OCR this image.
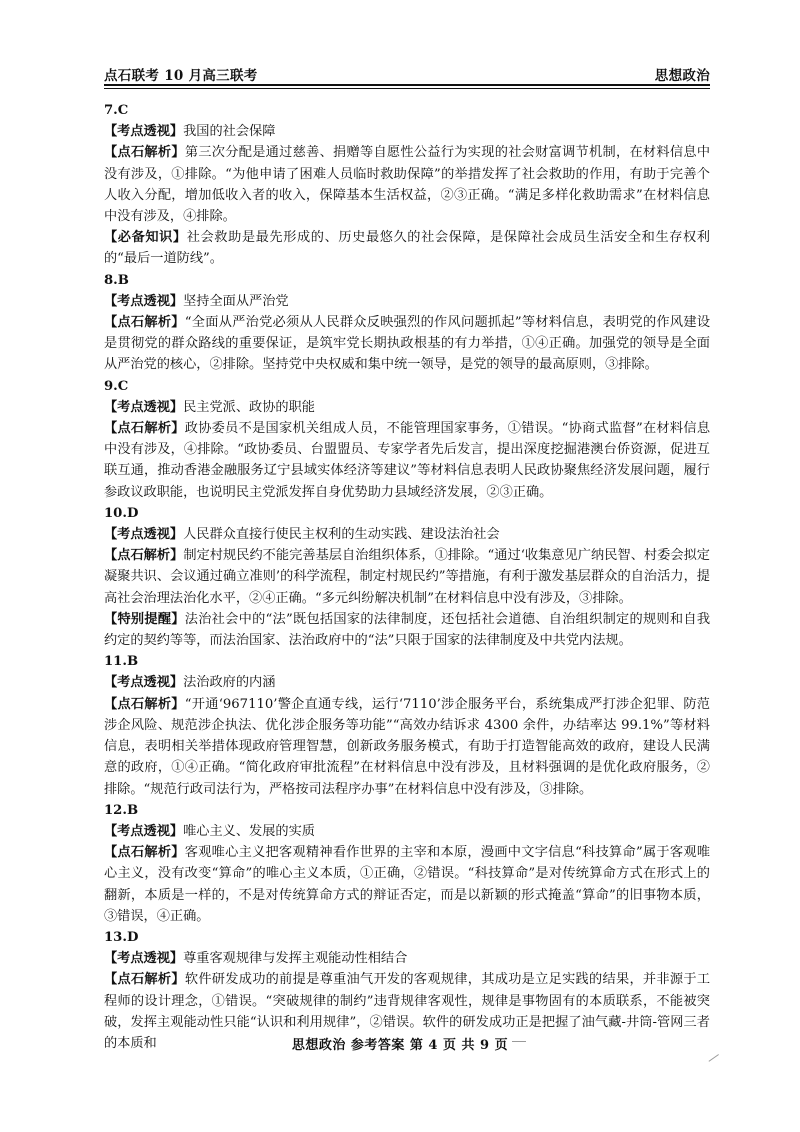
点石联考 10 月高三联考	思想政治

7.C

【考点透视】我国的社会保障

【点石解析】第三次分配是通过慈善、捐赠等自愿性公益行为实现的社会财富调节机制，在材料信息中没有涉及，①排除。“为他申请了困难人员临时救助保障”的举措发挥了社会救助的作用，有助于完善个人收入分配，增加低收入者的收入，保障基本生活权益，②③正确。“满足多样化救助需求”在材料信息中没有涉及，④排除。

【必备知识】社会救助是最先形成的、历史最悠久的社会保障，是保障社会成员生活安全和生存权利的“最后一道防线”。

8.B

【考点透视】坚持全面从严治党

【点石解析】“全面从严治党必须从人民群众反映强烈的作风问题抓起”等材料信息，表明党的作风建设是贯彻党的群众路线的重要保证，是筑牢党长期执政根基的有力举措，①④正确。加强党的领导是全面从严治党的核心，②排除。坚持党中央权威和集中统一领导，是党的领导的最高原则，③排除。

9.C

【考点透视】民主党派、政协的职能

【点石解析】政协委员不是国家机关组成人员，不能管理国家事务，①错误。“协商式监督”在材料信息中没有涉及，④排除。“政协委员、台盟盟员、专家学者先后发言，提出深度挖掘港澳台侨资源，促进互联互通，推动香港金融服务辽宁县域实体经济等建议”等材料信息表明人民政协聚焦经济发展问题，履行参政议政职能，也说明民主党派发挥自身优势助力县域经济发展，②③正确。

10.D

【考点透视】人民群众直接行使民主权利的生动实践、建设法治社会

【点石解析】制定村规民约不能完善基层自治组织体系，①排除。“通过‘收集意见广纳民智、村委会拟定凝聚共识、会议通过确立准则’的科学流程，制定村规民约”等措施，有利于激发基层群众的自治活力，提高社会治理法治化水平，②④正确。“多元纠纷解决机制”在材料信息中没有涉及，③排除。

【特别提醒】法治社会中的“法”既包括国家的法律制度，还包括社会道德、自治组织制定的规则和自我约定的契约等等，而法治国家、法治政府中的“法”只限于国家的法律制度及中共党内法规。

11.B

【考点透视】法治政府的内涵

【点石解析】“开通‘967110’警企直通专线，运行‘7110’涉企服务平台，系统集成严打涉企犯罪、防范涉企风险、规范涉企执法、优化涉企服务等功能”“高效办结诉求 4300 余件，办结率达 99.1%”等材料信息，表明相关举措体现政府管理智慧，创新政务服务模式，有助于打造智能高效的政府，建设人民满意的政府，①④正确。“简化政府审批流程”在材料信息中没有涉及，且材料强调的是优化政府服务，②排除。“规范行政司法行为，严格按司法程序办事”在材料信息中没有涉及，③排除。

12.B

【考点透视】唯心主义、发展的实质

【点石解析】客观唯心主义把客观精神看作世界的主宰和本原，漫画中文字信息“科技算命”属于客观唯心主义，没有改变“算命”的唯心主义本质，①正确，②错误。“科技算命”是对传统算命方式在形式上的翻新，本质是一样的，不是对传统算命方式的辩证否定，而是以新颖的形式掩盖“算命”的旧事物本质，③错误，④正确。

13.D

【考点透视】尊重客观规律与发挥主观能动性相结合

【点石解析】软件研发成功的前提是尊重油气开发的客观规律，其成功是立足实践的结果，并非源于工程师的设计理念，①错误。“突破规律的制约”违背规律客观性，规律是事物固有的本质联系，不能被突破，发挥主观能动性只能“认识和利用规律”，②错误。软件的研发成功正是把握了油气藏-井筒-管网三者的本质和	思想政治 参考答案 第 4 页 共 9 页
